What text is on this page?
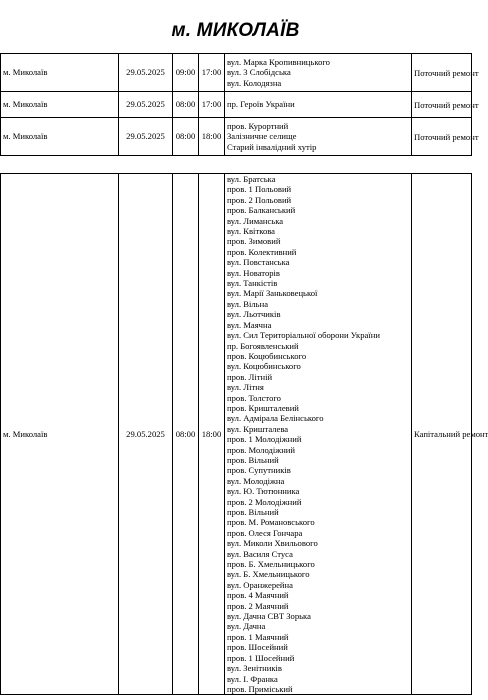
м. МИКОЛАЇВ
м. Миколаїв	29.05.2025	09:00	17:00	вул. Марка Кропивницького
вул. 3 Слобідська
вул. Колодязна	Поточний ремонт
м. Миколаїв	29.05.2025	08:00	17:00	пр. Героїв України	Поточний ремонт
м. Миколаїв	29.05.2025	08:00	18:00	пров. Курортний
Залізничне селище
Старий інвалідний хутір	Поточний ремонт
м. Миколаїв	29.05.2025	08:00	18:00	
вул. Братська
пров. 1 Польовий
пров. 2 Польовий
пров. Балканський
вул. Лиманська
вул. Квіткова
пров. Зимовий
пров. Колективний
вул. Повстанська
вул. Новаторів
вул. Танкістів
вул. Марії Заньковецької
вул. Вільна
вул. Льотчиків
вул. Маячна
вул. Сил Територіальної оборони України
пр. Богоявленський
пров. Коцюбинського
вул. Коцюбинського
пров. Літній
вул. Літня
пров. Толстого
пров. Кришталевий
вул. Адмірала Белінського
вул. Кришталева
пров. 1 Молодіжний
пров. Молодіжний
пров. Вільний
пров. Супутників
вул. Молодіжна
вул. Ю. Тютюнника
пров. 2 Молодіжний
пров. Вільний
пров. М. Романовського
пров. Олеся Гончара
вул. Миколи Хвильового
вул. Василя Стуса
пров. Б. Хмельницького
вул. Б. Хмельницького
вул. Оранжерейна
пров. 4 Маячний
пров. 2 Маячний
вул. Дачна СВТ Зорька
вул. Дачна
пров. 1 Маячний
пров. Шосейний
пров. 1 Шосейний
вул. Зенітників
вул. І. Франка
пров. Приміський
	Капітальний ремонт
